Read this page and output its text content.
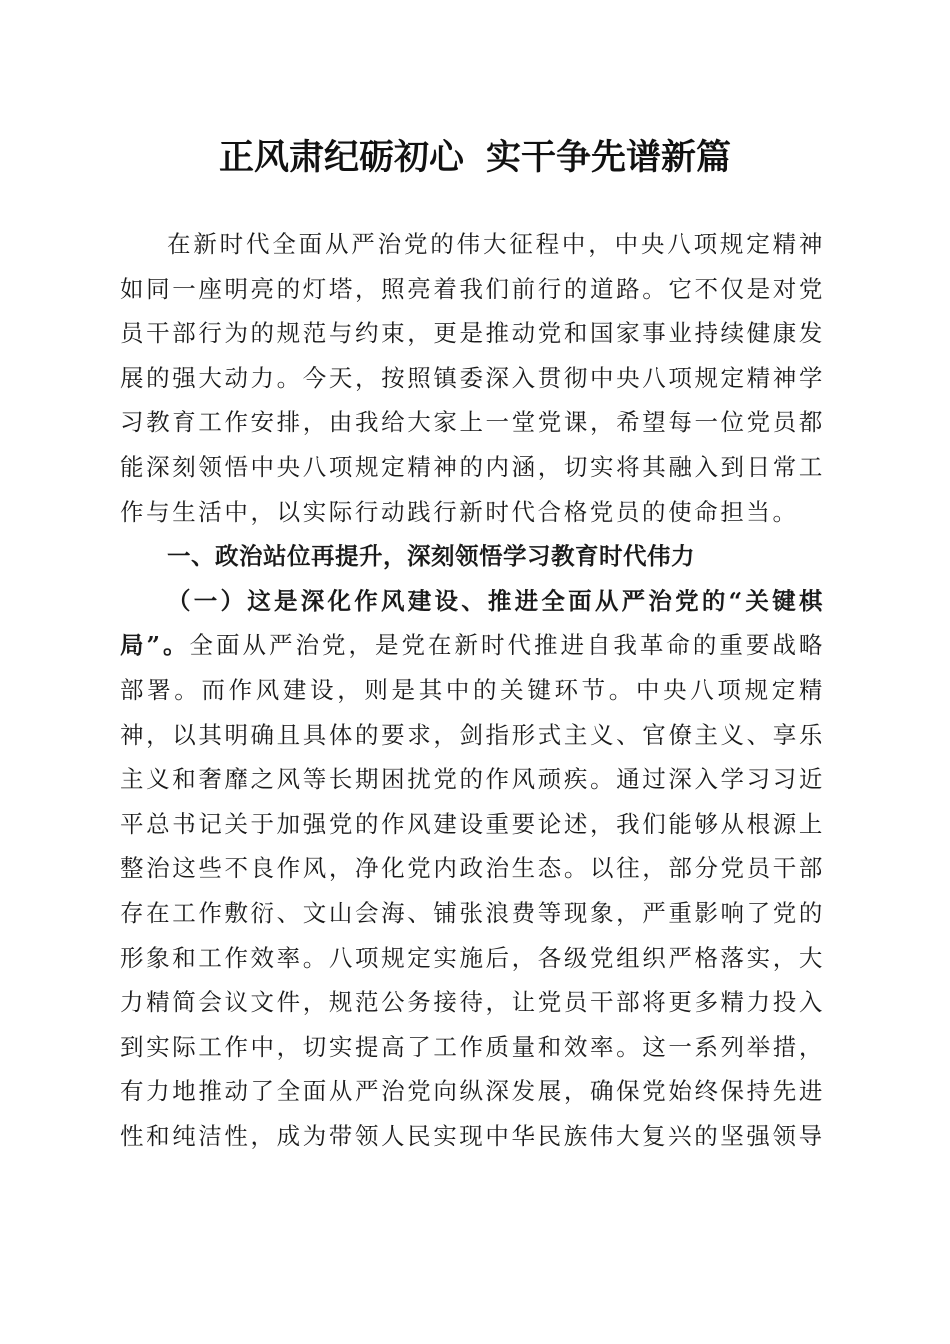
正风肃纪砺初心 实干争先谱新篇

在新时代全面从严治党的伟大征程中，中央八项规定精神如同一座明亮的灯塔，照亮着我们前行的道路。它不仅是对党员干部行为的规范与约束，更是推动党和国家事业持续健康发展的强大动力。今天，按照镇委深入贯彻中央八项规定精神学习教育工作安排，由我给大家上一堂党课，希望每一位党员都能深刻领悟中央八项规定精神的内涵，切实将其融入到日常工作与生活中，以实际行动践行新时代合格党员的使命担当。

一、政治站位再提升，深刻领悟学习教育时代伟力

（一）这是深化作风建设、推进全面从严治党的“关键棋局”。全面从严治党，是党在新时代推进自我革命的重要战略部署。而作风建设，则是其中的关键环节。中央八项规定精神，以其明确且具体的要求，剑指形式主义、官僚主义、享乐主义和奢靡之风等长期困扰党的作风顽疾。通过深入学习习近平总书记关于加强党的作风建设重要论述，我们能够从根源上整治这些不良作风，净化党内政治生态。以往，部分党员干部存在工作敷衍、文山会海、铺张浪费等现象，严重影响了党的形象和工作效率。八项规定实施后，各级党组织严格落实，大力精简会议文件，规范公务接待，让党员干部将更多精力投入到实际工作中，切实提高了工作质量和效率。这一系列举措，有力地推动了全面从严治党向纵深发展，确保党始终保持先进性和纯洁性，成为带领人民实现中华民族伟大复兴的坚强领导
